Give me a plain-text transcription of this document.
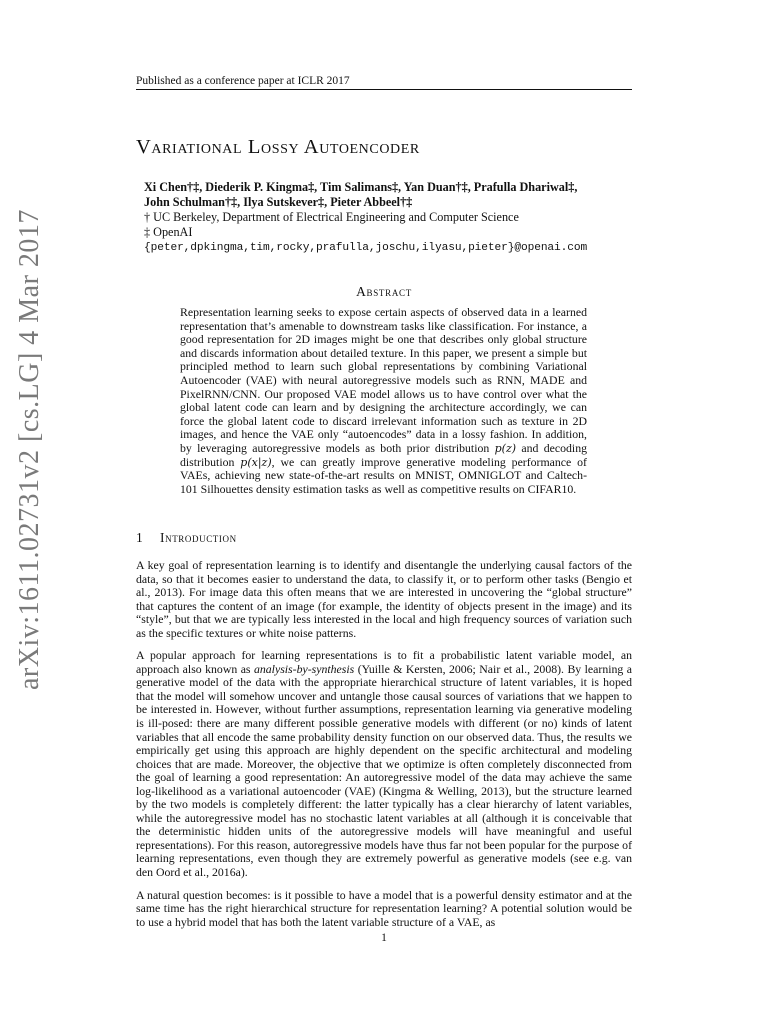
Published as a conference paper at ICLR 2017
arXiv:1611.02731v2 [cs.LG] 4 Mar 2017
Variational Lossy Autoencoder
Xi Chen†‡, Diederik P. Kingma‡, Tim Salimans‡, Yan Duan†‡, Prafulla Dhariwal‡,
John Schulman†‡, Ilya Sutskever‡, Pieter Abbeel†‡
† UC Berkeley, Department of Electrical Engineering and Computer Science
‡ OpenAI
{peter,dpkingma,tim,rocky,prafulla,joschu,ilyasu,pieter}@openai.com
Abstract
Representation learning seeks to expose certain aspects of observed data in a learned representation that’s amenable to downstream tasks like classification. For instance, a good representation for 2D images might be one that describes only global structure and discards information about detailed texture. In this paper, we present a simple but principled method to learn such global representations by combining Variational Autoencoder (VAE) with neural autoregressive models such as RNN, MADE and PixelRNN/CNN. Our proposed VAE model allows us to have control over what the global latent code can learn and by designing the architecture accordingly, we can force the global latent code to discard irrelevant information such as texture in 2D images, and hence the VAE only “autoencodes” data in a lossy fashion. In addition, by leveraging autoregressive models as both prior distribution p(z) and decoding distribution p(x|z), we can greatly improve generative modeling performance of VAEs, achieving new state-of-the-art results on MNIST, OMNIGLOT and Caltech-101 Silhouettes density estimation tasks as well as competitive results on CIFAR10.
1 Introduction

A key goal of representation learning is to identify and disentangle the underlying causal factors of the data, so that it becomes easier to understand the data, to classify it, or to perform other tasks (Bengio et al., 2013). For image data this often means that we are interested in uncovering the “global structure” that captures the content of an image (for example, the identity of objects present in the image) and its “style”, but that we are typically less interested in the local and high frequency sources of variation such as the specific textures or white noise patterns.

A popular approach for learning representations is to fit a probabilistic latent variable model, an approach also known as analysis-by-synthesis (Yuille & Kersten, 2006; Nair et al., 2008). By learning a generative model of the data with the appropriate hierarchical structure of latent variables, it is hoped that the model will somehow uncover and untangle those causal sources of variations that we happen to be interested in. However, without further assumptions, representation learning via generative modeling is ill-posed: there are many different possible generative models with different (or no) kinds of latent variables that all encode the same probability density function on our observed data. Thus, the results we empirically get using this approach are highly dependent on the specific architectural and modeling choices that are made. Moreover, the objective that we optimize is often completely disconnected from the goal of learning a good representation: An autoregressive model of the data may achieve the same log-likelihood as a variational autoencoder (VAE) (Kingma & Welling, 2013), but the structure learned by the two models is completely different: the latter typically has a clear hierarchy of latent variables, while the autoregressive model has no stochastic latent variables at all (although it is conceivable that the deterministic hidden units of the autoregressive models will have meaningful and useful representations). For this reason, autoregressive models have thus far not been popular for the purpose of learning representations, even though they are extremely powerful as generative models (see e.g. van den Oord et al., 2016a).

A natural question becomes: is it possible to have a model that is a powerful density estimator and at the same time has the right hierarchical structure for representation learning? A potential solution would be to use a hybrid model that has both the latent variable structure of a VAE, as

1
